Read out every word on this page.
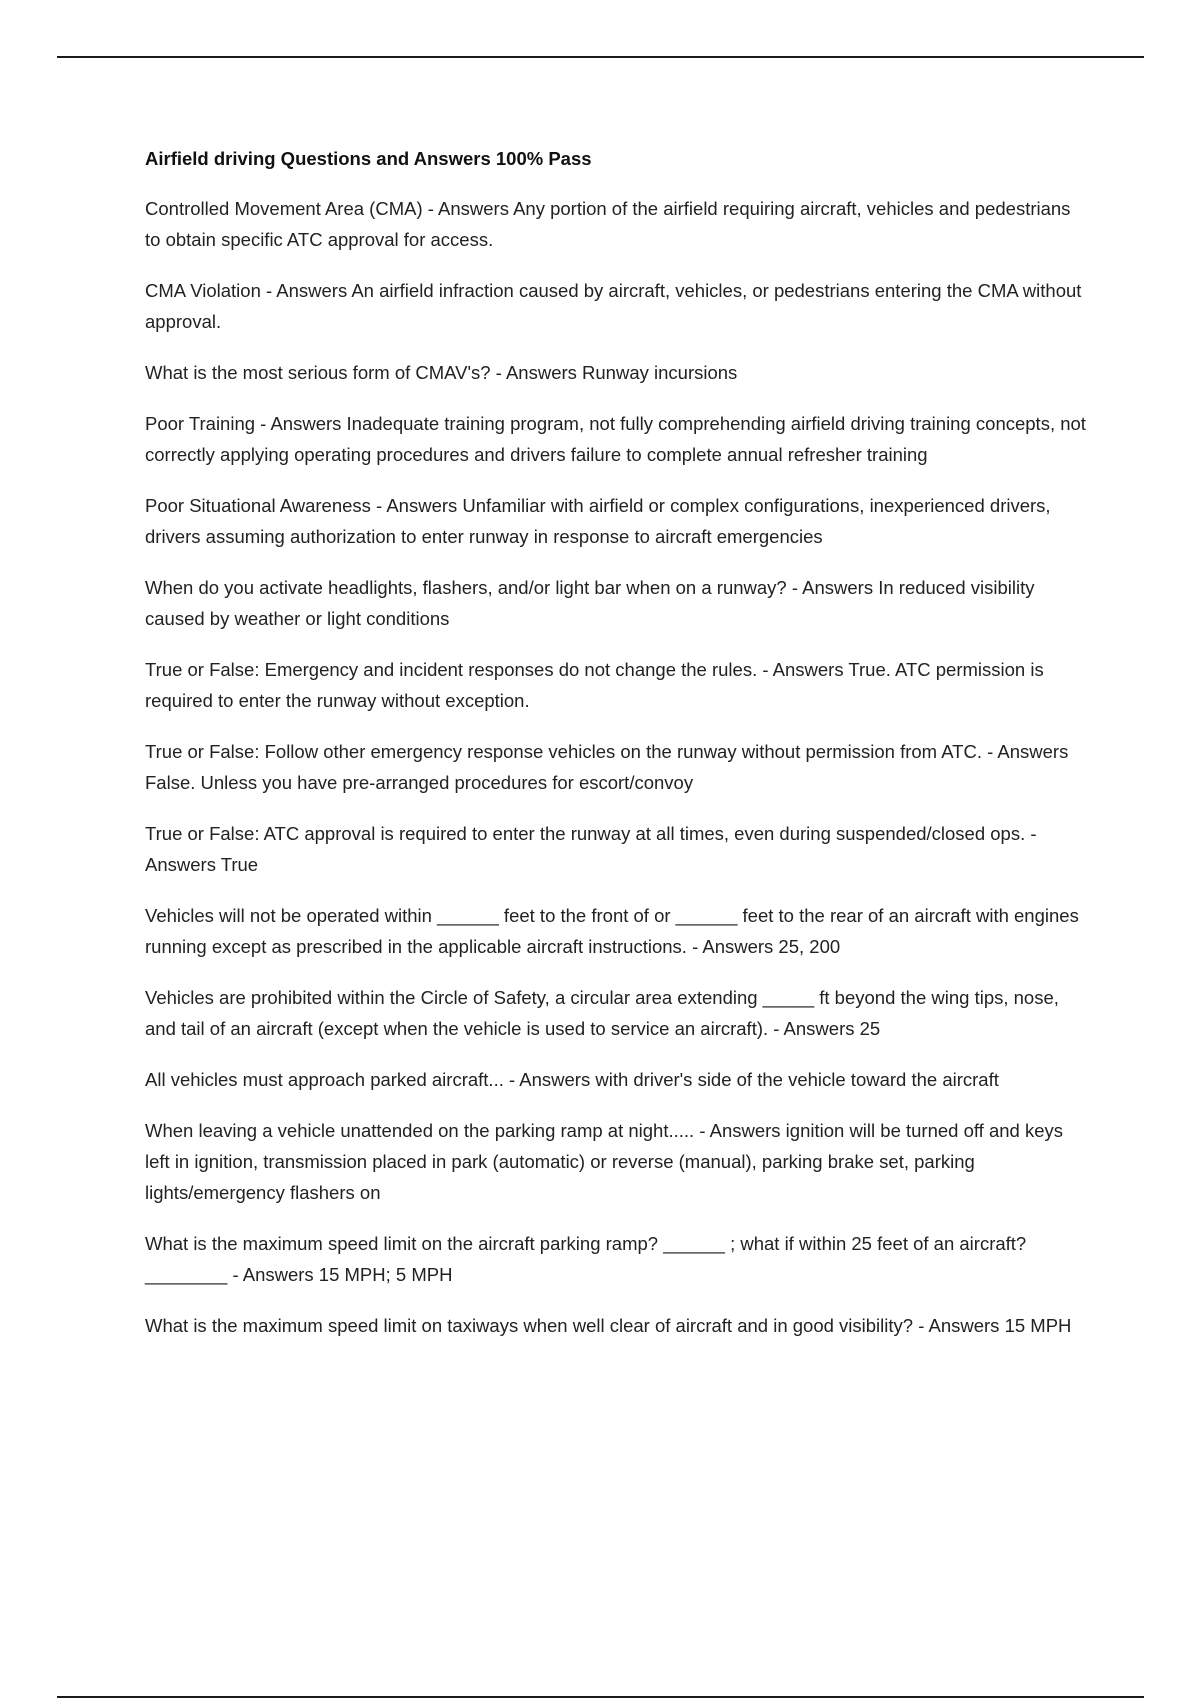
Airfield driving Questions and Answers 100% Pass

Controlled Movement Area (CMA) - Answers Any portion of the airfield requiring aircraft, vehicles and pedestrians to obtain specific ATC approval for access.

CMA Violation - Answers An airfield infraction caused by aircraft, vehicles, or pedestrians entering the CMA without approval.

What is the most serious form of CMAV's? - Answers Runway incursions

Poor Training - Answers Inadequate training program, not fully comprehending airfield driving training concepts, not correctly applying operating procedures and drivers failure to complete annual refresher training

Poor Situational Awareness - Answers Unfamiliar with airfield or complex configurations, inexperienced drivers, drivers assuming authorization to enter runway in response to aircraft emergencies

When do you activate headlights, flashers, and/or light bar when on a runway? - Answers In reduced visibility caused by weather or light conditions

True or False: Emergency and incident responses do not change the rules. - Answers True. ATC permission is required to enter the runway without exception.

True or False: Follow other emergency response vehicles on the runway without permission from ATC. - Answers False. Unless you have pre-arranged procedures for escort/convoy

True or False: ATC approval is required to enter the runway at all times, even during suspended/closed ops. - Answers True

Vehicles will not be operated within ______ feet to the front of or ______ feet to the rear of an aircraft with engines running except as prescribed in the applicable aircraft instructions. - Answers 25, 200

Vehicles are prohibited within the Circle of Safety, a circular area extending _____ ft beyond the wing tips, nose, and tail of an aircraft (except when the vehicle is used to service an aircraft). - Answers 25

All vehicles must approach parked aircraft... - Answers with driver's side of the vehicle toward the aircraft

When leaving a vehicle unattended on the parking ramp at night..... - Answers ignition will be turned off and keys left in ignition, transmission placed in park (automatic) or reverse (manual), parking brake set, parking lights/emergency flashers on

What is the maximum speed limit on the aircraft parking ramp? ______ ; what if within 25 feet of an aircraft? ________ - Answers 15 MPH; 5 MPH

What is the maximum speed limit on taxiways when well clear of aircraft and in good visibility? - Answers 15 MPH
